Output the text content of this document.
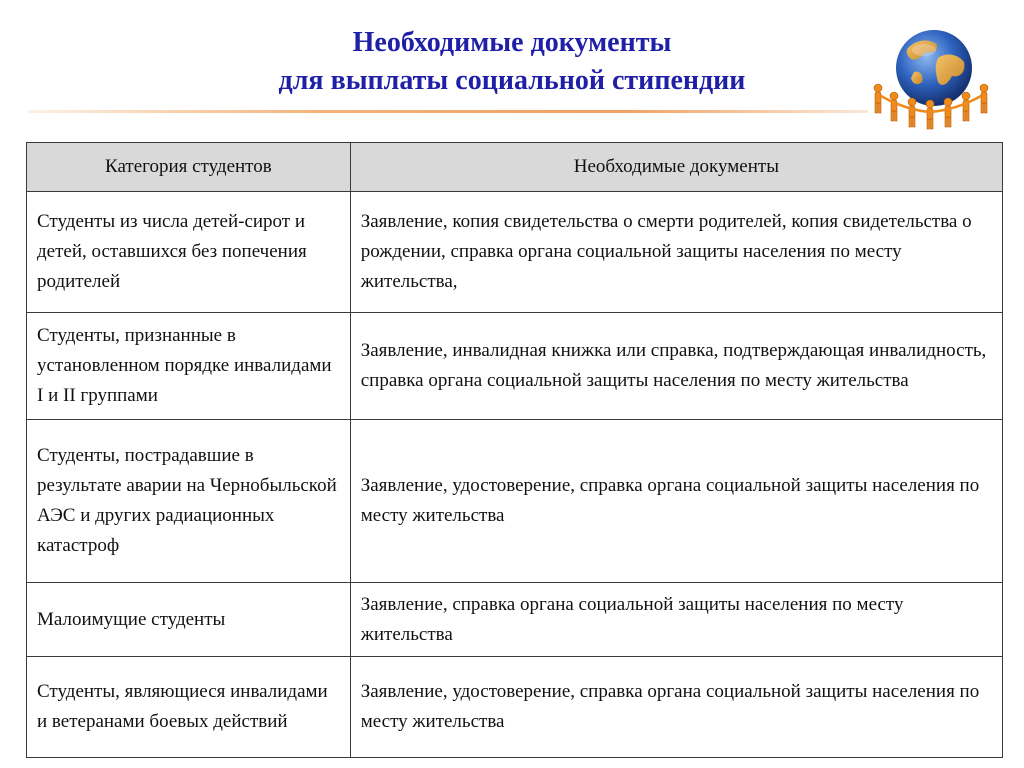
Необходимые документы
для выплаты социальной стипендии
Категория студентов	Необходимые документы
Студенты из числа детей-сирот и детей, оставшихся без попечения родителей	Заявление, копия свидетельства о смерти родителей, копия свидетельства о рождении, справка органа социальной защиты населения по месту жительства,
Студенты, признанные в установленном порядке инвалидами I и II группами	Заявление, инвалидная книжка или справка, подтверждающая инвалидность, справка органа социальной защиты населения по месту жительства
Студенты, пострадавшие в результате аварии на Чернобыльской АЭС и других радиационных катастроф	Заявление, удостоверение, справка органа социальной защиты населения по месту жительства
Малоимущие студенты	Заявление, справка органа социальной защиты населения по месту жительства
Студенты, являющиеся инвалидами и ветеранами боевых действий	Заявление, удостоверение, справка органа социальной защиты населения по месту жительства
